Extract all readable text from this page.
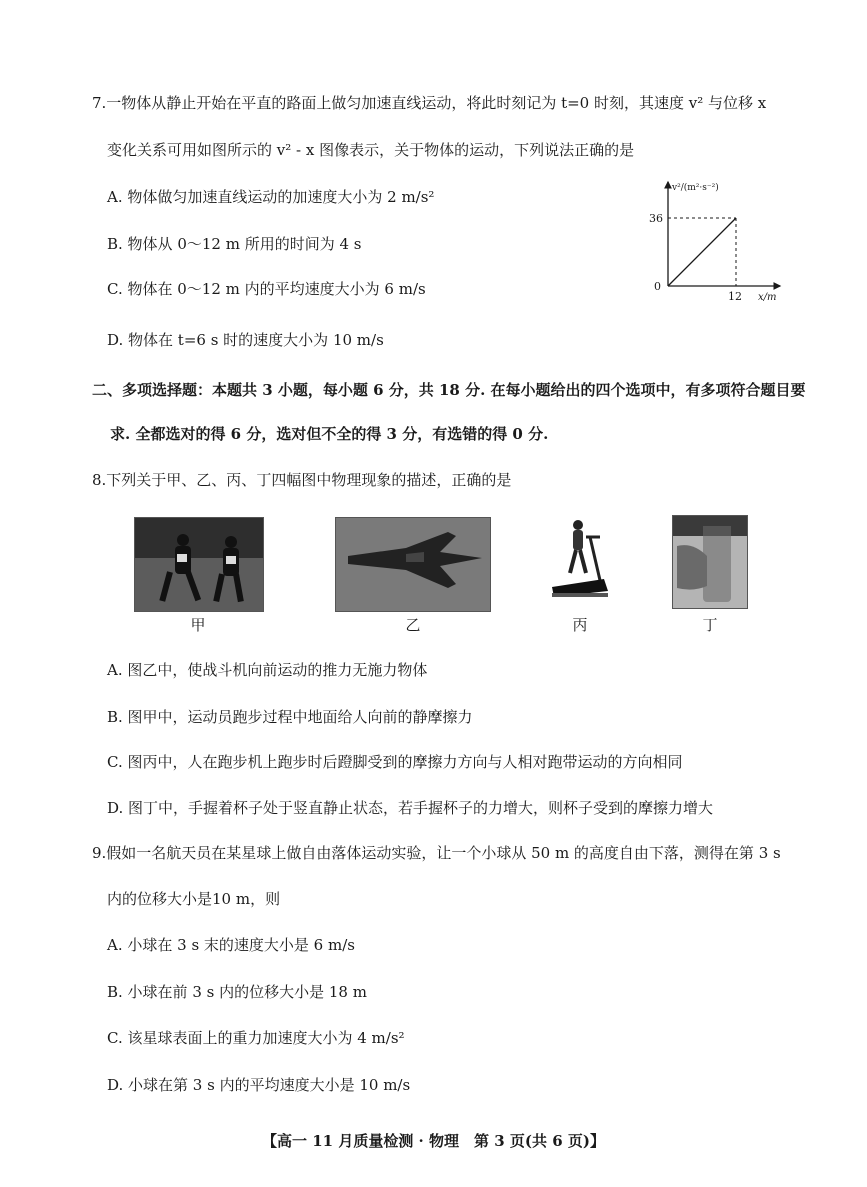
7.一物体从静止开始在平直的路面上做匀加速直线运动，将此时刻记为 t=0 时刻，其速度 v² 与位移 x
变化关系可用如图所示的 v² - x 图像表示，关于物体的运动，下列说法正确的是
A. 物体做匀加速直线运动的加速度大小为 2 m/s²
B. 物体从 0～12 m 所用的时间为 4 s
C. 物体在 0～12 m 内的平均速度大小为 6 m/s
D. 物体在 t=6 s 时的速度大小为 10 m/s
v²/(m²·s⁻²)
36
0
12 x/m
二、多项选择题：本题共 3 小题，每小题 6 分，共 18 分. 在每小题给出的四个选项中，有多项符合题目要
求. 全都选对的得 6 分，选对但不全的得 3 分，有选错的得 0 分.
8.下列关于甲、乙、丙、丁四幅图中物理现象的描述，正确的是
甲	乙	丙	丁
A. 图乙中，使战斗机向前运动的推力无施力物体
B. 图甲中，运动员跑步过程中地面给人向前的静摩擦力
C. 图丙中，人在跑步机上跑步时后蹬脚受到的摩擦力方向与人相对跑带运动的方向相同
D. 图丁中，手握着杯子处于竖直静止状态，若手握杯子的力增大，则杯子受到的摩擦力增大
9.假如一名航天员在某星球上做自由落体运动实验，让一个小球从 50 m 的高度自由下落，测得在第 3 s
内的位移大小是10 m，则
A. 小球在 3 s 末的速度大小是 6 m/s
B. 小球在前 3 s 内的位移大小是 18 m
C. 该星球表面上的重力加速度大小为 4 m/s²
D. 小球在第 3 s 内的平均速度大小是 10 m/s
【高一 11 月质量检测 · 物理　第 3 页(共 6 页)】
